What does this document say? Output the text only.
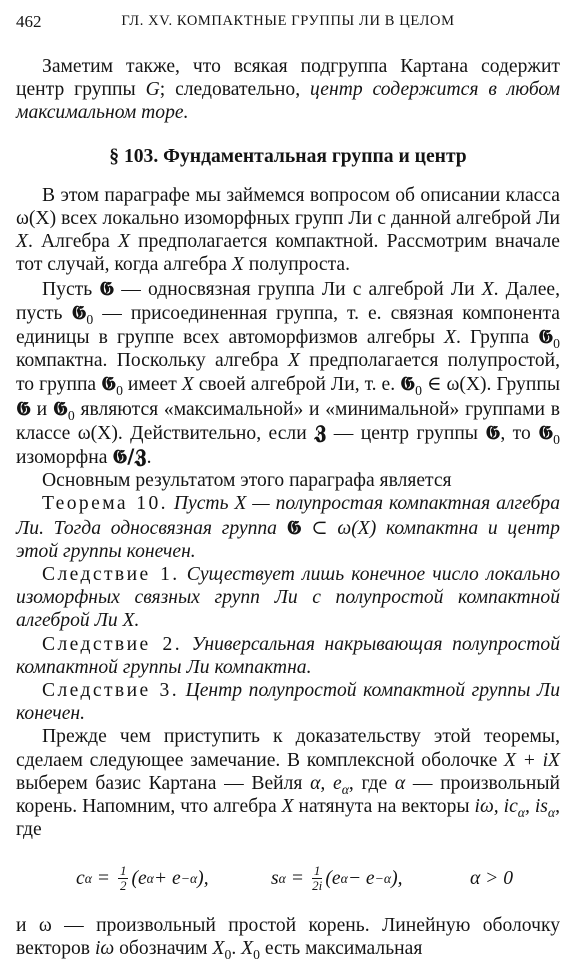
462	ГЛ. XV. КОМПАКТНЫЕ ГРУППЫ ЛИ В ЦЕЛОМ

Заметим также, что всякая подгруппа Картана содержит центр группы G; следовательно, центр содержится в любом максимальном торе.

§ 103. Фундаментальная группа и центр

В этом параграфе мы займемся вопросом об описании класса ω(X) всех локально изоморфных групп Ли с данной алгеброй Ли X. Алгебра X предполагается компактной. Рассмотрим вначале тот случай, когда алгебра X полупроста.

Пусть 𝕲 — односвязная группа Ли с алгеброй Ли X. Далее, пусть 𝕲$_0$ — присоединенная группа, т. е. связная компонента единицы в группе всех автоморфизмов алгебры X. Группа 𝕲$_0$ компактна. Поскольку алгебра X предполагается полупростой, то группа 𝕲$_0$ имеет X своей алгеброй Ли, т. е. 𝕲$_0$ ∈ ω(X). Группы 𝕲 и 𝕲$_0$ являются «максимальной» и «минимальной» группами в классе ω(X). Действительно, если 𝖅 — центр группы 𝕲, то 𝕲$_0$ изоморфна 𝕲/𝖅.

Основным результатом этого параграфа является

Теорема 10. Пусть X — полупростая компактная алгебра Ли. Тогда односвязная группа 𝕲 ⊂ ω(X) компактна и центр этой группы конечен.

Следствие 1. Существует лишь конечное число локально изоморфных связных групп Ли с полупростой компактной алгеброй Ли X.

Следствие 2. Универсальная накрывающая полупростой компактной группы Ли компактна.

Следствие 3. Центр полупростой компактной группы Ли конечен.

Прежде чем приступить к доказательству этой теоремы, сделаем следующее замечание. В комплексной оболочке X + iX выберем базис Картана — Вейля α, $e_\alpha$, где α — произвольный корень. Напомним, что алгебра X натянута на векторы iω, $ic_\alpha$, $is_\alpha$, где

c $\alpha = \frac{1}{2} (e$ α + e −α ),	s $\alpha = \frac{1}{2i} (e$ α − e −α ),	α > 0

и ω — произвольный простой корень. Линейную оболочку векторов iω обозначим $X_0$. $X_0$ есть максимальная
